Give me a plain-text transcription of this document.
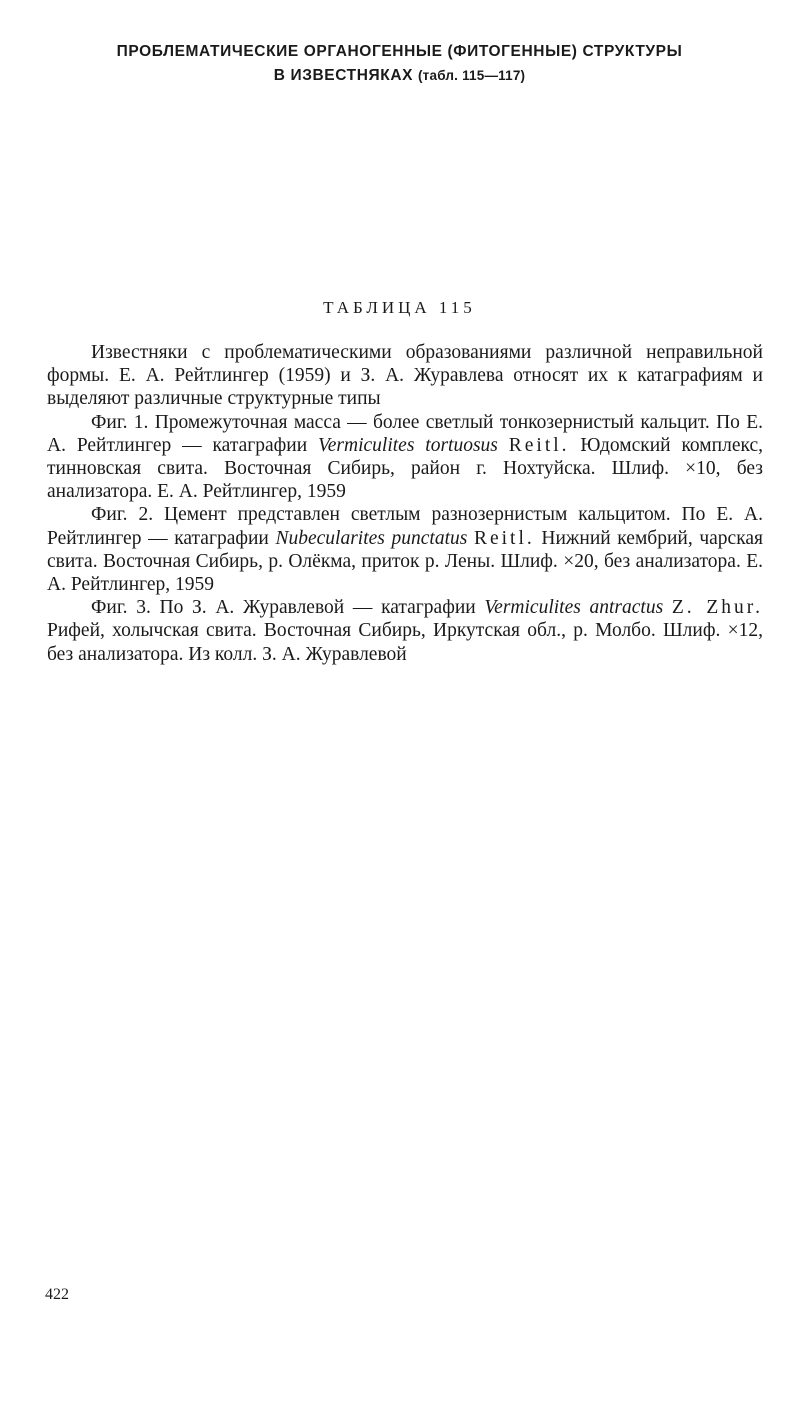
ПРОБЛЕМАТИЧЕСКИЕ ОРГАНОГЕННЫЕ (ФИТОГЕННЫЕ) СТРУКТУРЫ
В ИЗВЕСТНЯКАХ (табл. 115—117)
ТАБЛИЦА 115

Известняки с проблематическими образованиями различной неправильной формы. Е. А. Рейтлингер (1959) и З. А. Журавлева относят их к катаграфиям и выделяют различные структурные типы

Фиг. 1. Промежуточная масса — более светлый тонкозернистый кальцит. По Е. А. Рейтлингер — катаграфии Vermiculites tortuosus Reitl. Юдомский комплекс, тинновская свита. Восточная Сибирь, район г. Нохтуйска. Шлиф. ×10, без анализатора. Е. А. Рейтлингер, 1959

Фиг. 2. Цемент представлен светлым разнозернистым кальцитом. По Е. А. Рейтлингер — катаграфии Nubecularites punctatus Reitl. Нижний кембрий, чарская свита. Восточная Сибирь, р. Олёкма, приток р. Лены. Шлиф. ×20, без анализатора. Е. А. Рейтлингер, 1959

Фиг. 3. По З. А. Журавлевой — катаграфии Vermiculites antractus Z. Zhur. Рифей, холычская свита. Восточная Сибирь, Иркутская обл., р. Молбо. Шлиф. ×12, без анализатора. Из колл. З. А. Журавлевой

422
